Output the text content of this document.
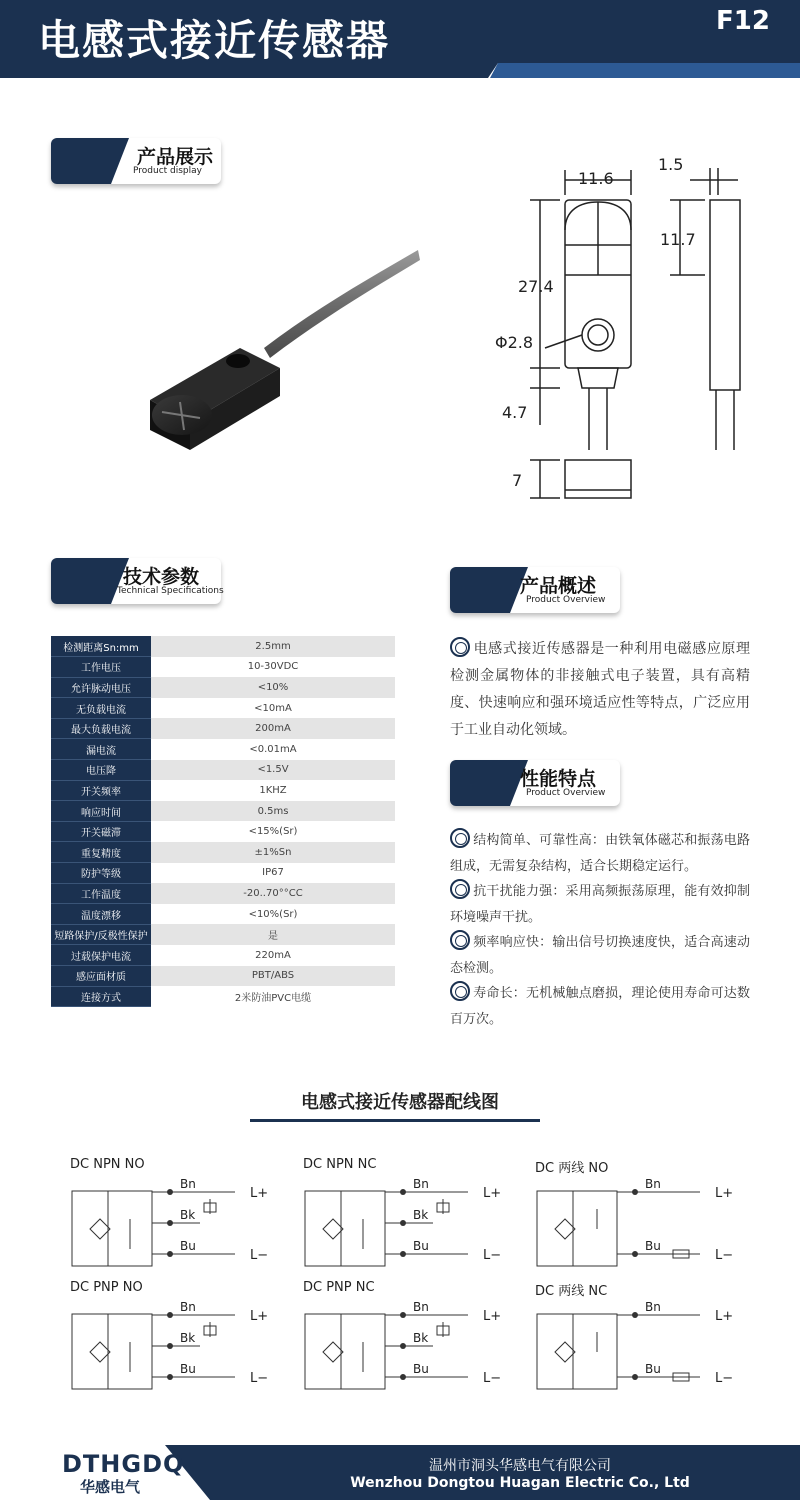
电感式接近传感器	F12
产品展示
Product display	11.6
1.5
11.7
27.4
Φ2.8
4.7
7
技术参数
Technical Specifications
检测距离Sn:mm	2.5mm
工作电压	10-30VDC
允许脉动电压	<10%
无负载电流	<10mA
最大负载电流	200mA
漏电流	<0.01mA
电压降	<1.5V
开关频率	1KHZ
响应时间	0.5ms
开关磁滞	<15%(Sr)
重复精度	±1%Sn
防护等级	IP67
工作温度	-20..70°°CC
温度漂移	<10%(Sr)
短路保护/反极性保护	是
过载保护电流	220mA
感应面材质	PBT/ABS
连接方式	2米防油PVC电缆
产品概述
Product Overview
电感式接近传感器是一种利用电磁感应原理检测金属物体的非接触式电子装置，具有高精度、快速响应和强环境适应性等特点，广泛应用于工业自动化领域。
性能特点
Product Overview
结构简单、可靠性高：由铁氧体磁芯和振荡电路组成，无需复杂结构，适合长期稳定运行。
抗干扰能力强：采用高频振荡原理，能有效抑制环境噪声干扰。
频率响应快：输出信号切换速度快，适合高速动态检测。
寿命长：无机械触点磨损，理论使用寿命可达数百万次。
电感式接近传感器配线图
DC NPN NO
Bn
Bk
Bu
L+
L−
DC NPN NC
Bn
Bk
Bu
L+
L−
DC 两线 NO
Bn
Bu
L+
L−
DC PNP NO
Bn
Bk
Bu
L+
L−
DC PNP NC
Bn
Bk
Bu
L+
L−
DC 两线 NC
Bn
Bu
L+
L−
DTHGDQ
华感电气
温州市洞头华感电气有限公司
Wenzhou Dongtou Huagan Electric Co., Ltd
